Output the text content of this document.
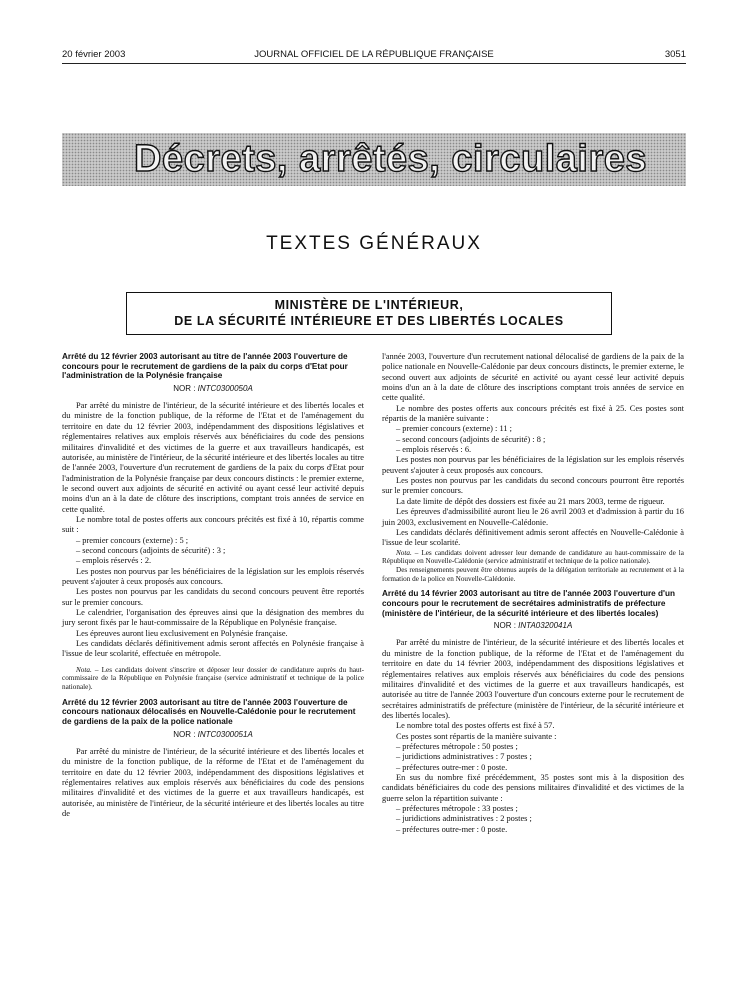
20 février 2003	JOURNAL OFFICIEL DE LA RÉPUBLIQUE FRANÇAISE	3051
Décrets, arrêtés, circulaires
TEXTES GÉNÉRAUX
MINISTÈRE DE L'INTÉRIEUR,
DE LA SÉCURITÉ INTÉRIEURE ET DES LIBERTÉS LOCALES

Arrêté du 12 février 2003 autorisant au titre de l'année 2003 l'ouverture de concours pour le recrutement de gardiens de la paix du corps d'Etat pour l'administration de la Polynésie française

NOR : INTC0300050A

Par arrêté du ministre de l'intérieur, de la sécurité intérieure et des libertés locales et du ministre de la fonction publique, de la réforme de l'Etat et de l'aménagement du territoire en date du 12 février 2003, indépendamment des dispositions législatives et réglementaires relatives aux emplois réservés aux bénéficiaires du code des pensions militaires d'invalidité et des victimes de la guerre et aux travailleurs handicapés, est autorisée, au ministère de l'intérieur, de la sécurité intérieure et des libertés locales au titre de l'année 2003, l'ouverture d'un recrutement de gardiens de la paix du corps d'Etat pour l'administration de la Polynésie française par deux concours distincts : le premier externe, le second ouvert aux adjoints de sécurité en activité ou ayant cessé leur activité depuis moins d'un an à la date de clôture des inscriptions, comptant trois années de service en cette qualité.

Le nombre total de postes offerts aux concours précités est fixé à 10, répartis comme suit :

– premier concours (externe) : 5 ;
– second concours (adjoints de sécurité) : 3 ;
– emplois réservés : 2.

Les postes non pourvus par les bénéficiaires de la législation sur les emplois réservés peuvent s'ajouter à ceux proposés aux concours.

Les postes non pourvus par les candidats du second concours peuvent être reportés sur le premier concours.

Le calendrier, l'organisation des épreuves ainsi que la désignation des membres du jury seront fixés par le haut-commissaire de la République en Polynésie française.

Les épreuves auront lieu exclusivement en Polynésie française.

Les candidats déclarés définitivement admis seront affectés en Polynésie française à l'issue de leur scolarité, effectuée en métropole.

Nota. – Les candidats doivent s'inscrire et déposer leur dossier de candidature auprès du haut-commissaire de la République en Polynésie française (service administratif et technique de la police nationale).

Arrêté du 12 février 2003 autorisant au titre de l'année 2003 l'ouverture de concours nationaux délocalisés en Nouvelle-Calédonie pour le recrutement de gardiens de la paix de la police nationale

NOR : INTC0300051A

Par arrêté du ministre de l'intérieur, de la sécurité intérieure et des libertés locales et du ministre de la fonction publique, de la réforme de l'Etat et de l'aménagement du territoire en date du 12 février 2003, indépendamment des dispositions législatives et réglementaires relatives aux emplois réservés aux bénéficiaires du code des pensions militaires d'invalidité et des victimes de la guerre et aux travailleurs handicapés, est autorisée, au ministère de l'intérieur, de la sécurité intérieure et des libertés locales au titre de

l'année 2003, l'ouverture d'un recrutement national délocalisé de gardiens de la paix de la police nationale en Nouvelle-Calédonie par deux concours distincts, le premier externe, le second ouvert aux adjoints de sécurité en activité ou ayant cessé leur activité depuis moins d'un an à la date de clôture des inscriptions comptant trois années de service en cette qualité.

Le nombre des postes offerts aux concours précités est fixé à 25. Ces postes sont répartis de la manière suivante :

– premier concours (externe) : 11 ;
– second concours (adjoints de sécurité) : 8 ;
– emplois réservés : 6.

Les postes non pourvus par les bénéficiaires de la législation sur les emplois réservés peuvent s'ajouter à ceux proposés aux concours.

Les postes non pourvus par les candidats du second concours pourront être reportés sur le premier concours.

La date limite de dépôt des dossiers est fixée au 21 mars 2003, terme de rigueur.

Les épreuves d'admissibilité auront lieu le 26 avril 2003 et d'admission à partir du 16 juin 2003, exclusivement en Nouvelle-Calédonie.

Les candidats déclarés définitivement admis seront affectés en Nouvelle-Calédonie à l'issue de leur scolarité.

Nota. – Les candidats doivent adresser leur demande de candidature au haut-commissaire de la République en Nouvelle-Calédonie (service administratif et technique de la police nationale).

Des renseignements peuvent être obtenus auprès de la délégation territoriale au recrutement et à la formation de la police en Nouvelle-Calédonie.

Arrêté du 14 février 2003 autorisant au titre de l'année 2003 l'ouverture d'un concours pour le recrutement de secrétaires administratifs de préfecture (ministère de l'intérieur, de la sécurité intérieure et des libertés locales)

NOR : INTA0320041A

Par arrêté du ministre de l'intérieur, de la sécurité intérieure et des libertés locales et du ministre de la fonction publique, de la réforme de l'Etat et de l'aménagement du territoire en date du 14 février 2003, indépendamment des dispositions législatives et réglementaires relatives aux emplois réservés aux bénéficiaires du code des pensions militaires d'invalidité et des victimes de la guerre et aux travailleurs handicapés, est autorisée au titre de l'année 2003 l'ouverture d'un concours externe pour le recrutement de secrétaires administratifs de préfecture (ministère de l'intérieur, de la sécurité intérieure et des libertés locales).

Le nombre total des postes offerts est fixé à 57.

Ces postes sont répartis de la manière suivante :

– préfectures métropole : 50 postes ;
– juridictions administratives : 7 postes ;
– préfectures outre-mer : 0 poste.

En sus du nombre fixé précédemment, 35 postes sont mis à la disposition des candidats bénéficiaires du code des pensions militaires d'invalidité et des victimes de la guerre selon la répartition suivante :

– préfectures métropole : 33 postes ;
– juridictions administratives : 2 postes ;
– préfectures outre-mer : 0 poste.
